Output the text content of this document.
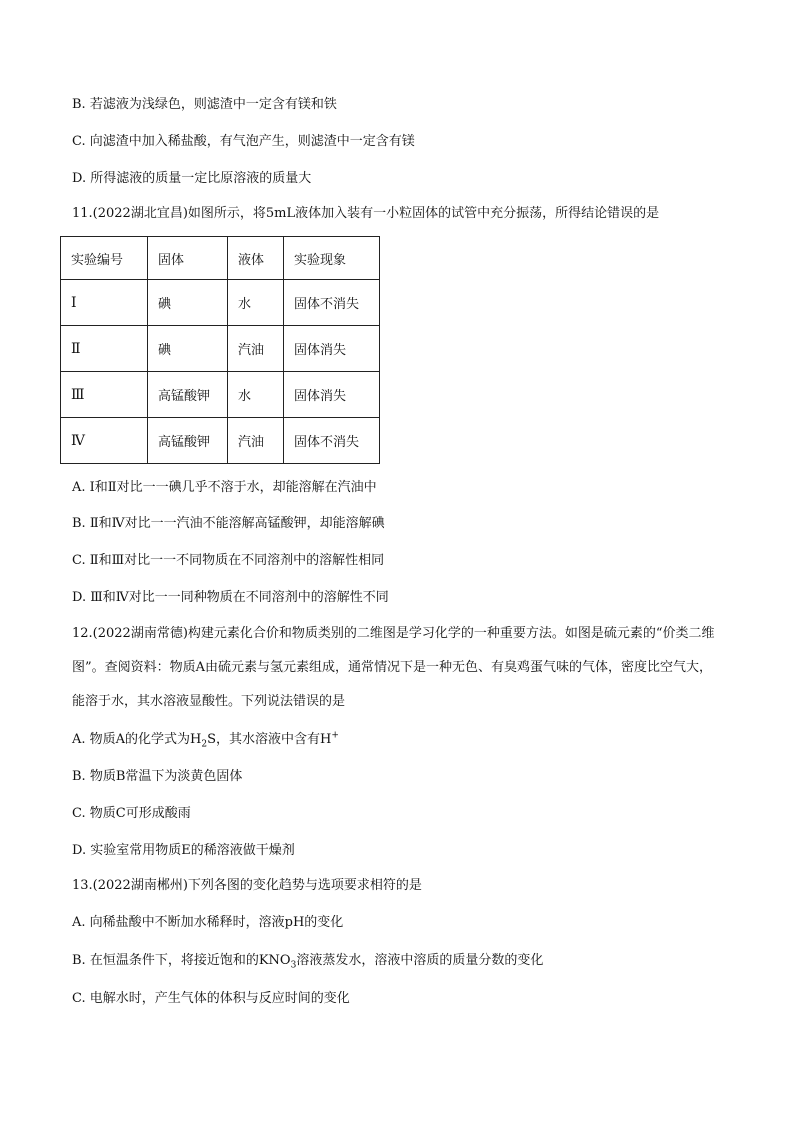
B. 若滤液为浅绿色，则滤渣中一定含有镁和铁
C. 向滤渣中加入稀盐酸，有气泡产生，则滤渣中一定含有镁
D. 所得滤液的质量一定比原溶液的质量大
11.(2022湖北宜昌)如图所示，将5mL液体加入装有一小粒固体的试管中充分振荡，所得结论错误的是
实验编号	固体	液体	实验现象
Ⅰ	碘	水	固体不消失
Ⅱ	碘	汽油	固体消失
Ⅲ	高锰酸钾	水	固体消失
Ⅳ	高锰酸钾	汽油	固体不消失
A. Ⅰ和Ⅱ对比一一碘几乎不溶于水，却能溶解在汽油中
B. Ⅱ和Ⅳ对比一一汽油不能溶解高锰酸钾，却能溶解碘
C. Ⅱ和Ⅲ对比一一不同物质在不同溶剂中的溶解性相同
D. Ⅲ和Ⅳ对比一一同种物质在不同溶剂中的溶解性不同
12.(2022湖南常德)构建元素化合价和物质类别的二维图是学习化学的一种重要方法。如图是硫元素的“价类二维图”。查阅资料：物质A由硫元素与氢元素组成，通常情况下是一种无色、有臭鸡蛋气味的气体，密度比空气大，能溶于水，其水溶液显酸性。下列说法错误的是
A. 物质A的化学式为$H_2S$，其水溶液中含有H+
B. 物质B常温下为淡黄色固体
C. 物质C可形成酸雨
D. 实验室常用物质E的稀溶液做干燥剂
13.(2022湖南郴州)下列各图的变化趋势与选项要求相符的是
A. 向稀盐酸中不断加水稀释时，溶液pH的变化
B. 在恒温条件下，将接近饱和的$KNO_3$溶液蒸发水，溶液中溶质的质量分数的变化
C. 电解水时，产生气体的体积与反应时间的变化
